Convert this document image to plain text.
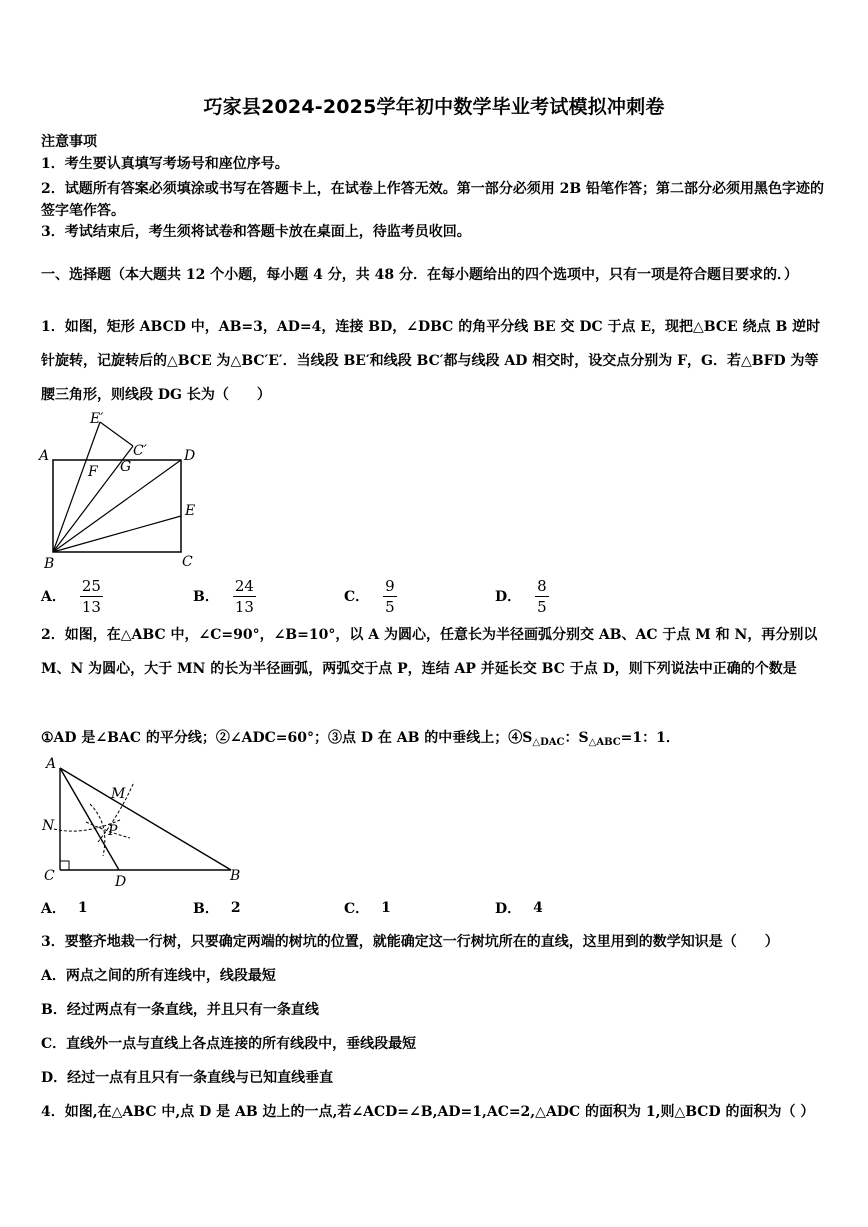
巧家县2024-2025学年初中数学毕业考试模拟冲刺卷
注意事项
1．考生要认真填写考场号和座位序号。
2．试题所有答案必须填涂或书写在答题卡上，在试卷上作答无效。第一部分必须用 2B 铅笔作答；第二部分必须用黑色字迹的签字笔作答。
3．考试结束后，考生须将试卷和答题卡放在桌面上，待监考员收回。
一、选择题（本大题共 12 个小题，每小题 4 分，共 48 分．在每小题给出的四个选项中，只有一项是符合题目要求的．）
1．如图，矩形 ABCD 中，AB=3，AD=4，连接 BD，∠DBC 的角平分线 BE 交 DC 于点 E，现把△BCE 绕点 B 逆时针旋转，记旋转后的△BCE 为△BC′E′．当线段 BE′和线段 BC′都与线段 AD 相交时，设交点分别为 F，G．若△BFD 为等腰三角形，则线段 DG 长为（　　）
A
B	C
D
E
E′
C′
F G
A． $\frac{25}{13}$	B． $\frac{24}{13}$	C． $\frac{9}{5}$	D． $\frac{8}{5}$
2．如图，在△ABC 中，∠C=90°，∠B=10°，以 A 为圆心，任意长为半径画弧分别交 AB、AC 于点 M 和 N，再分别以 M、N 为圆心，大于 MN 的长为半径画弧，两弧交于点 P，连结 AP 并延长交 BC 于点 D，则下列说法中正确的个数是
①AD 是∠BAC 的平分线；②∠ADC=60°；③点 D 在 AB 的中垂线上；$④S_{\triangle DAC}$：$S_{\triangle ABC}=1$：1．
A
C	D	B
M
N	P
A． 1	B． 2	C． 1	D． 4
3．要整齐地栽一行树，只要确定两端的树坑的位置，就能确定这一行树坑所在的直线，这里用到的数学知识是（　　）
A．两点之间的所有连线中，线段最短
B．经过两点有一条直线，并且只有一条直线
C．直线外一点与直线上各点连接的所有线段中，垂线段最短
D．经过一点有且只有一条直线与已知直线垂直
4．如图,在△ABC 中,点 D 是 AB 边上的一点,若∠ACD=∠B,AD=1,AC=2,△ADC 的面积为 1,则△BCD 的面积为（ ）
